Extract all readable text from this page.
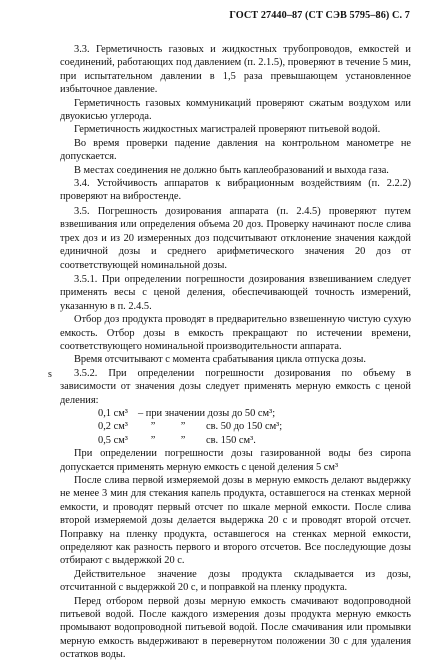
ГОСТ 27440–87 (СТ СЭВ 5795–86) С. 7

3.3. Герметичность газовых и жидкостных трубопроводов, емкостей и соединений, работающих под давлением (п. 2.1.5), проверяют в течение 5 мин, при испытательном давлении в 1,5 раза превышающем установленное избыточное давление.

Герметичность газовых коммуникаций проверяют сжатым воздухом или двуокисью углерода.

Герметичность жидкостных магистралей проверяют питьевой водой.

Во время проверки падение давления на контрольном манометре не допускается.

В местах соединения не должно быть каплеобразований и выхода газа.

3.4. Устойчивость аппаратов к вибрационным воздействиям (п. 2.2.2) проверяют на вибростенде.

3.5. Погрешность дозирования аппарата (п. 2.4.5) проверяют путем взвешивания или определения объема 20 доз. Проверку начинают после слива трех доз и из 20 измеренных доз подсчитывают отклонение значения каждой единичной дозы и среднего арифметического значения 20 доз от соответствующей номинальной дозы.

3.5.1. При определении погрешности дозирования взвешиванием следует применять весы с ценой деления, обеспечивающей точность измерений, указанную в п. 2.4.5.

Отбор доз продукта проводят в предварительно взвешенную чистую сухую емкость. Отбор дозы в емкость прекращают по истечении времени, соответствующего номинальной производительности аппарата.

Время отсчитывают с момента срабатывания цикла отпуска дозы.

3.5.2. При определении погрешности дозирования по объему в зависимости от значения дозы следует применять мерную емкость с ценой деления:

0,1 см³ – при значении дозы до 50 см³;
0,2 см³	”	”	св. 50 до 150 см³;
0,5 см³	”	”	св. 150 см³.

При определении погрешности дозы газированной воды без сиропа допускается применять мерную емкость с ценой деления 5 см³

После слива первой измеряемой дозы в мерную емкость делают выдержку не менее 3 мин для стекания капель продукта, оставшегося на стенках мерной емкости, и проводят первый отсчет по шкале мерной емкости. После слива второй измеряемой дозы делается выдержка 20 с и проводят второй отсчет. Поправку на пленку продукта, оставшегося на стенках мерной емкости, определяют как разность первого и второго отсчетов. Все последующие дозы отбирают с выдержкой 20 с.

Действительное значение дозы продукта складывается из дозы, отсчитанной с выдержкой 20 с, и поправкой на пленку продукта.

Перед отбором первой дозы мерную емкость смачивают водопроводной питьевой водой. После каждого измерения дозы продукта мерную емкость промывают водопроводной питьевой водой. После смачивания или промывки мерную емкость выдерживают в перевернутом положении 30 с для удаления остатков воды.

ѕ
